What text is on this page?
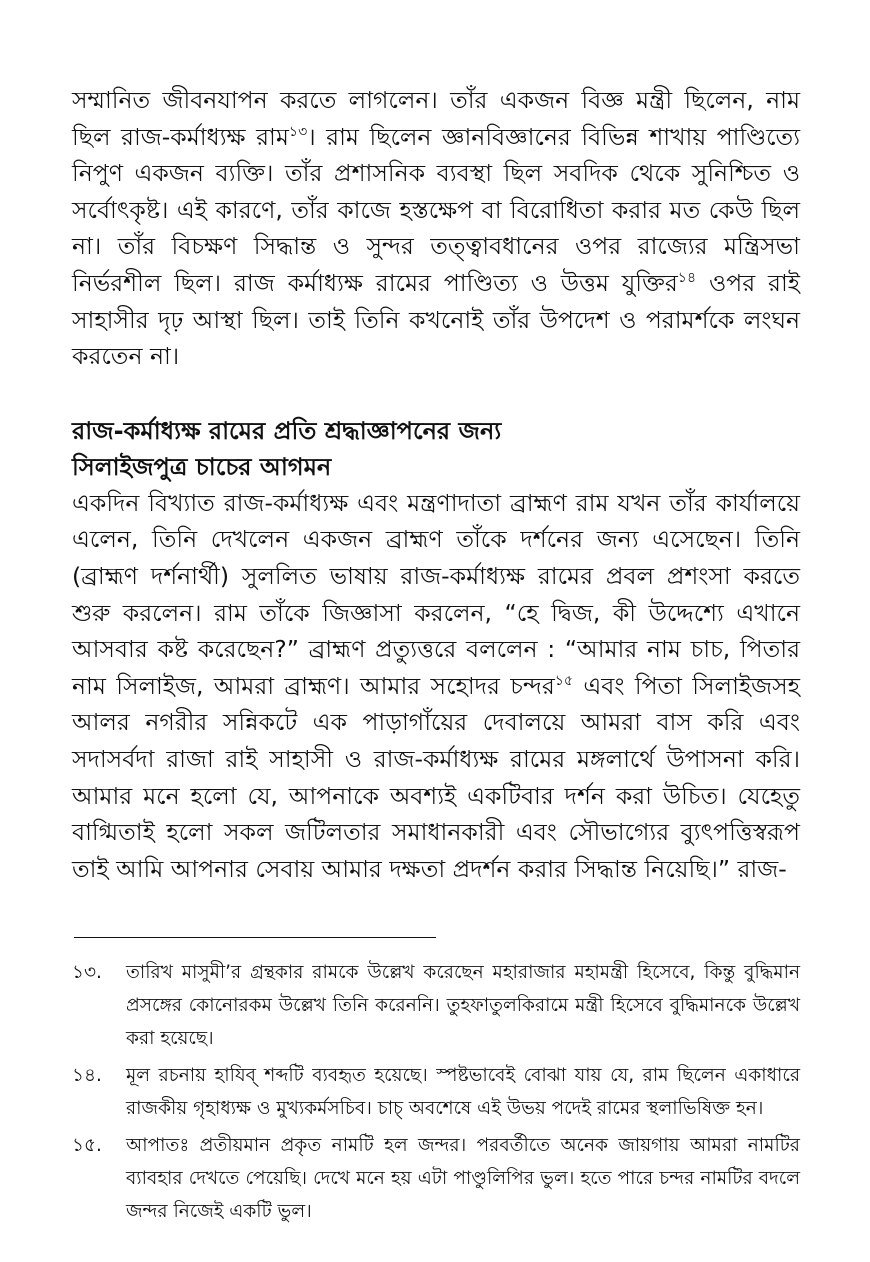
সম্মানিত জীবনযাপন করতে লাগলেন। তাঁর একজন বিজ্ঞ মন্ত্রী ছিলেন, নাম ছিল রাজ-কর্মাধ্যক্ষ রাম$^{১৩}$। রাম ছিলেন জ্ঞানবিজ্ঞানের বিভিন্ন শাখায় পাণ্ডিত্যে নিপুণ একজন ব্যক্তি। তাঁর প্রশাসনিক ব্যবস্থা ছিল সবদিক থেকে সুনিশ্চিত ও সর্বোৎকৃষ্ট। এই কারণে, তাঁর কাজে হস্তক্ষেপ বা বিরোধিতা করার মত কেউ ছিল না। তাঁর বিচক্ষণ সিদ্ধান্ত ও সুন্দর তত্ত্বাবধানের ওপর রাজ্যের মন্ত্রিসভা নির্ভরশীল ছিল। রাজ কর্মাধ্যক্ষ রামের পাণ্ডিত্য ও উত্তম যুক্তির$^{১৪}$ ওপর রাই সাহাসীর দৃঢ় আস্থা ছিল। তাই তিনি কখনোই তাঁর উপদেশ ও পরামর্শকে লংঘন করতেন না।

রাজ-কর্মাধ্যক্ষ রামের প্রতি শ্রদ্ধাজ্ঞাপনের জন্য
সিলাইজপুত্র চাচের আগমন

একদিন বিখ্যাত রাজ-কর্মাধ্যক্ষ এবং মন্ত্রণাদাতা ব্রাহ্মণ রাম যখন তাঁর কার্যালয়ে এলেন, তিনি দেখলেন একজন ব্রাহ্মণ তাঁকে দর্শনের জন্য এসেছেন। তিনি (ব্রাহ্মণ দর্শনার্থী) সুললিত ভাষায় রাজ-কর্মাধ্যক্ষ রামের প্রবল প্রশংসা করতে শুরু করলেন। রাম তাঁকে জিজ্ঞাসা করলেন, “হে দ্বিজ, কী উদ্দেশ্যে এখানে আসবার কষ্ট করেছেন?” ব্রাহ্মণ প্রত্যুত্তরে বললেন : “আমার নাম চাচ, পিতার নাম সিলাইজ, আমরা ব্রাহ্মণ। আমার সহোদর চন্দর$^{১৫}$ এবং পিতা সিলাইজসহ আলর নগরীর সন্নিকটে এক পাড়াগাঁয়ের দেবালয়ে আমরা বাস করি এবং সদাসর্বদা রাজা রাই সাহাসী ও রাজ-কর্মাধ্যক্ষ রামের মঙ্গলার্থে উপাসনা করি। আমার মনে হলো যে, আপনাকে অবশ্যই একটিবার দর্শন করা উচিত। যেহেতু বাগ্মিতাই হলো সকল জটিলতার সমাধানকারী এবং সৌভাগ্যের ব্যুৎপত্তিস্বরূপ তাই আমি আপনার সেবায় আমার দক্ষতা প্রদর্শন করার সিদ্ধান্ত নিয়েছি।” রাজ-

১৩.	তারিখ মাসুমী’র গ্রন্থকার রামকে উল্লেখ করেছেন মহারাজার মহামন্ত্রী হিসেবে, কিন্তু বুদ্ধিমান প্রসঙ্গের কোনোরকম উল্লেখ তিনি করেননি। তুহফাতুলকিরামে মন্ত্রী হিসেবে বুদ্ধিমানকে উল্লেখ করা হয়েছে।
১৪.	মূল রচনায় হাযিব্ শব্দটি ব্যবহৃত হয়েছে। স্পষ্টভাবেই বোঝা যায় যে, রাম ছিলেন একাধারে রাজকীয় গৃহাধ্যক্ষ ও মুখ্যকর্মসচিব। চাচ্ অবশেষে এই উভয় পদেই রামের স্থলাভিষিক্ত হন।
১৫.	আপাতঃ প্রতীয়মান প্রকৃত নামটি হল জন্দর। পরবর্তীতে অনেক জায়গায় আমরা নামটির ব্যাবহার দেখতে পেয়েছি। দেখে মনে হয় এটা পাণ্ডুলিপির ভুল। হতে পারে চন্দর নামটির বদলে জন্দর নিজেই একটি ভুল।
